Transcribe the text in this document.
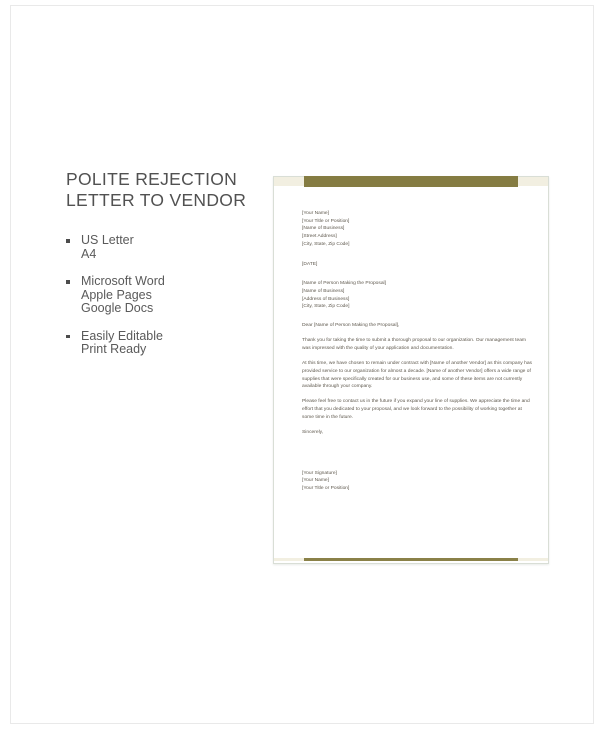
POLITE REJECTION
LETTER TO VENDOR
US Letter
A4
Microsoft Word
Apple Pages
Google Docs
Easily Editable
Print Ready
[Your Name]
[Your Title or Position]
[Name of Business]
[Street Address]
[City, State, Zip Code]
[DATE]
[Name of Person Making the Proposal]
[Name of Business]
[Address of Business]
[City, State, Zip Code]
Dear [Name of Person Making the Proposal],

Thank you for taking the time to submit a thorough proposal to our organization. Our management team was impressed with the quality of your application and documentation.

At this time, we have chosen to remain under contract with [Name of another Vendor] as this company has provided service to our organization for almost a decade. [Name of another Vendor] offers a wide range of supplies that were specifically created for our business use, and some of these items are not currently available through your company.

Please feel free to contact us in the future if you expand your line of supplies. We appreciate the time and effort that you dedicated to your proposal, and we look forward to the possibility of working together at some time in the future.

Sincerely,
[Your Signature]
[Your Name]
[Your Title or Position]
